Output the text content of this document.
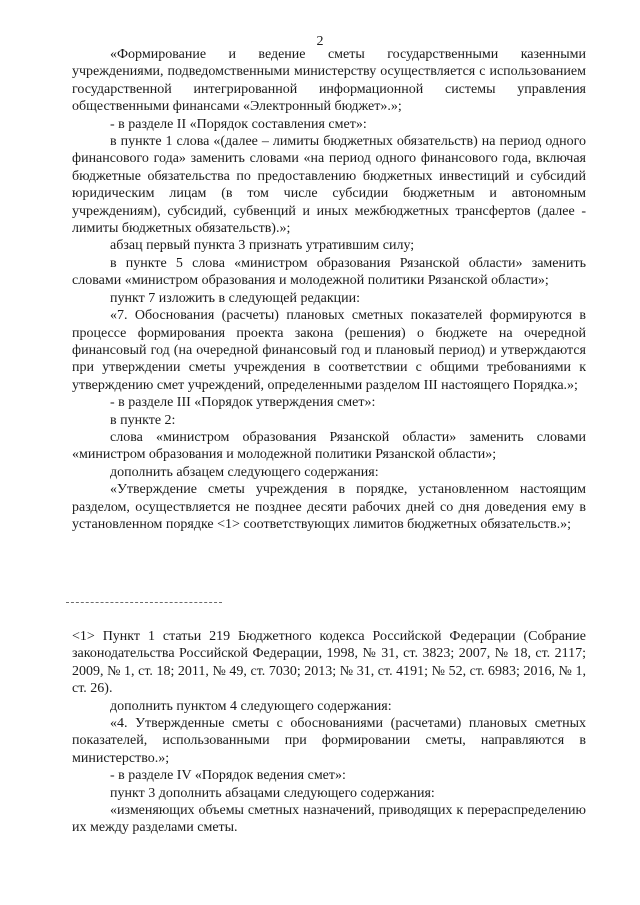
2

«Формирование и ведение сметы государственными казенными учреждениями, подведомственными министерству осуществляется с использованием государственной интегрированной информационной системы управления общественными финансами «Электронный бюджет».»;

- в разделе II «Порядок составления смет»:

в пункте 1 слова «(далее – лимиты бюджетных обязательств) на период одного финансового года» заменить словами «на период одного финансового года, включая бюджетные обязательства по предоставлению бюджетных инвестиций и субсидий юридическим лицам (в том числе субсидии бюджетным и автономным учреждениям), субсидий, субвенций и иных межбюджетных трансфертов (далее - лимиты бюджетных обязательств).»;

абзац первый пункта 3 признать утратившим силу;

в пункте 5 слова «министром образования Рязанской области» заменить словами «министром образования и молодежной политики Рязанской области»;

пункт 7 изложить в следующей редакции:

«7. Обоснования (расчеты) плановых сметных показателей формируются в процессе формирования проекта закона (решения) о бюджете на очередной финансовый год (на очередной финансовый год и плановый период) и утверждаются при утверждении сметы учреждения в соответствии с общими требованиями к утверждению смет учреждений, определенными разделом III настоящего Порядка.»;

- в разделе III «Порядок утверждения смет»:

в пункте 2:

слова «министром образования Рязанской области» заменить словами «министром образования и молодежной политики Рязанской области»;

дополнить абзацем следующего содержания:

«Утверждение сметы учреждения в порядке, установленном настоящим разделом, осуществляется не позднее десяти рабочих дней со дня доведения ему в установленном порядке <1> соответствующих лимитов бюджетных обязательств.»;

<1> Пункт 1 статьи 219 Бюджетного кодекса Российской Федерации (Собрание законодательства Российской Федерации, 1998, № 31, ст. 3823; 2007, № 18, ст. 2117; 2009, № 1, ст. 18; 2011, № 49, ст. 7030; 2013; № 31, ст. 4191; № 52, ст. 6983; 2016, № 1, ст. 26).

дополнить пунктом 4 следующего содержания:

«4. Утвержденные сметы с обоснованиями (расчетами) плановых сметных показателей, использованными при формировании сметы, направляются в министерство.»;

- в разделе IV «Порядок ведения смет»:

пункт 3 дополнить абзацами следующего содержания:

«изменяющих объемы сметных назначений, приводящих к перераспределению их между разделами сметы.
